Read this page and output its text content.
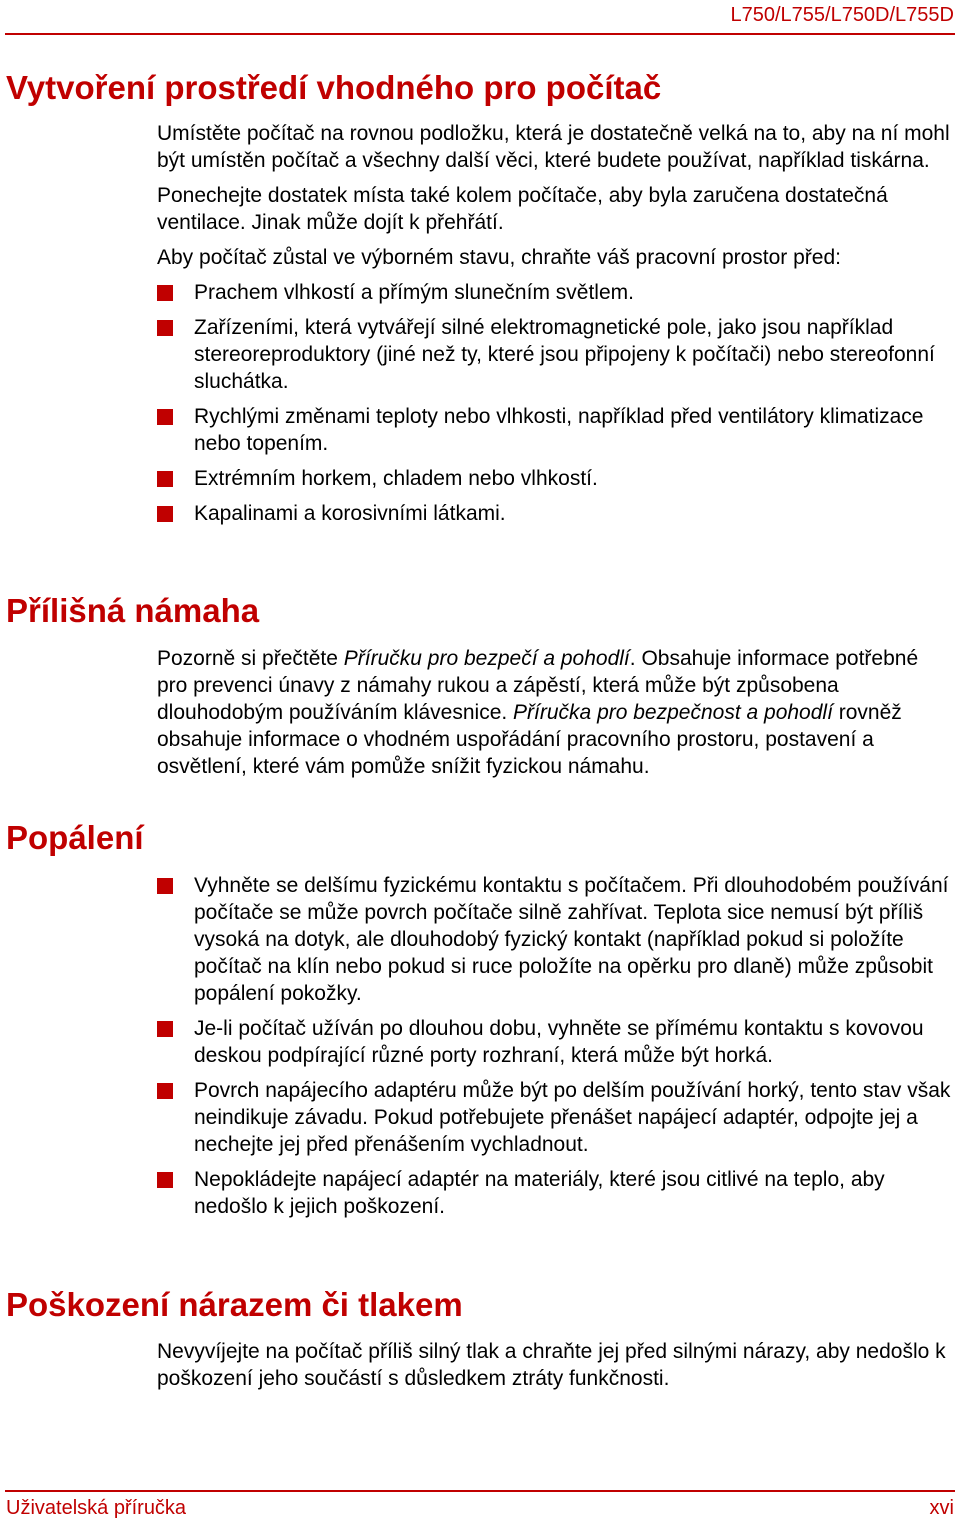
L750/L755/L750D/L755D
Vytvoření prostředí vhodného pro počítač

Umístěte počítač na rovnou podložku, která je dostatečně velká na to, aby na ní mohl být umístěn počítač a všechny další věci, které budete používat, například tiskárna.

Ponechejte dostatek místa také kolem počítače, aby byla zaručena dostatečná ventilace. Jinak může dojít k přehřátí.

Aby počítač zůstal ve výborném stavu, chraňte váš pracovní prostor před:

Prachem vlhkostí a přímým slunečním světlem.
Zařízeními, která vytvářejí silné elektromagnetické pole, jako jsou například stereoreproduktory (jiné než ty, které jsou připojeny k počítači) nebo stereofonní sluchátka.
Rychlými změnami teploty nebo vlhkosti, například před ventilátory klimatizace nebo topením.
Extrémním horkem, chladem nebo vlhkostí.
Kapalinami a korosivními látkami.
Přílišná námaha

Pozorně si přečtěte Příručku pro bezpečí a pohodlí. Obsahuje informace potřebné pro prevenci únavy z námahy rukou a zápěstí, která může být způsobena dlouhodobým používáním klávesnice. Příručka pro bezpečnost a pohodlí rovněž obsahuje informace o vhodném uspořádání pracovního prostoru, postavení a osvětlení, které vám pomůže snížit fyzickou námahu.

Popálení
Vyhněte se delšímu fyzickému kontaktu s počítačem. Při dlouhodobém používání počítače se může povrch počítače silně zahřívat. Teplota sice nemusí být příliš vysoká na dotyk, ale dlouhodobý fyzický kontakt (například pokud si položíte počítač na klín nebo pokud si ruce položíte na opěrku pro dlaně) může způsobit popálení pokožky.
Je-li počítač užíván po dlouhou dobu, vyhněte se přímému kontaktu s kovovou deskou podpírající různé porty rozhraní, která může být horká.
Povrch napájecího adaptéru může být po delším používání horký, tento stav však neindikuje závadu. Pokud potřebujete přenášet napájecí adaptér, odpojte jej a nechejte jej před přenášením vychladnout.
Nepokládejte napájecí adaptér na materiály, které jsou citlivé na teplo, aby nedošlo k jejich poškození.
Poškození nárazem či tlakem

Nevyvíjejte na počítač příliš silný tlak a chraňte jej před silnými nárazy, aby nedošlo k poškození jeho součástí s důsledkem ztráty funkčnosti.

Uživatelská příručka	xvi
